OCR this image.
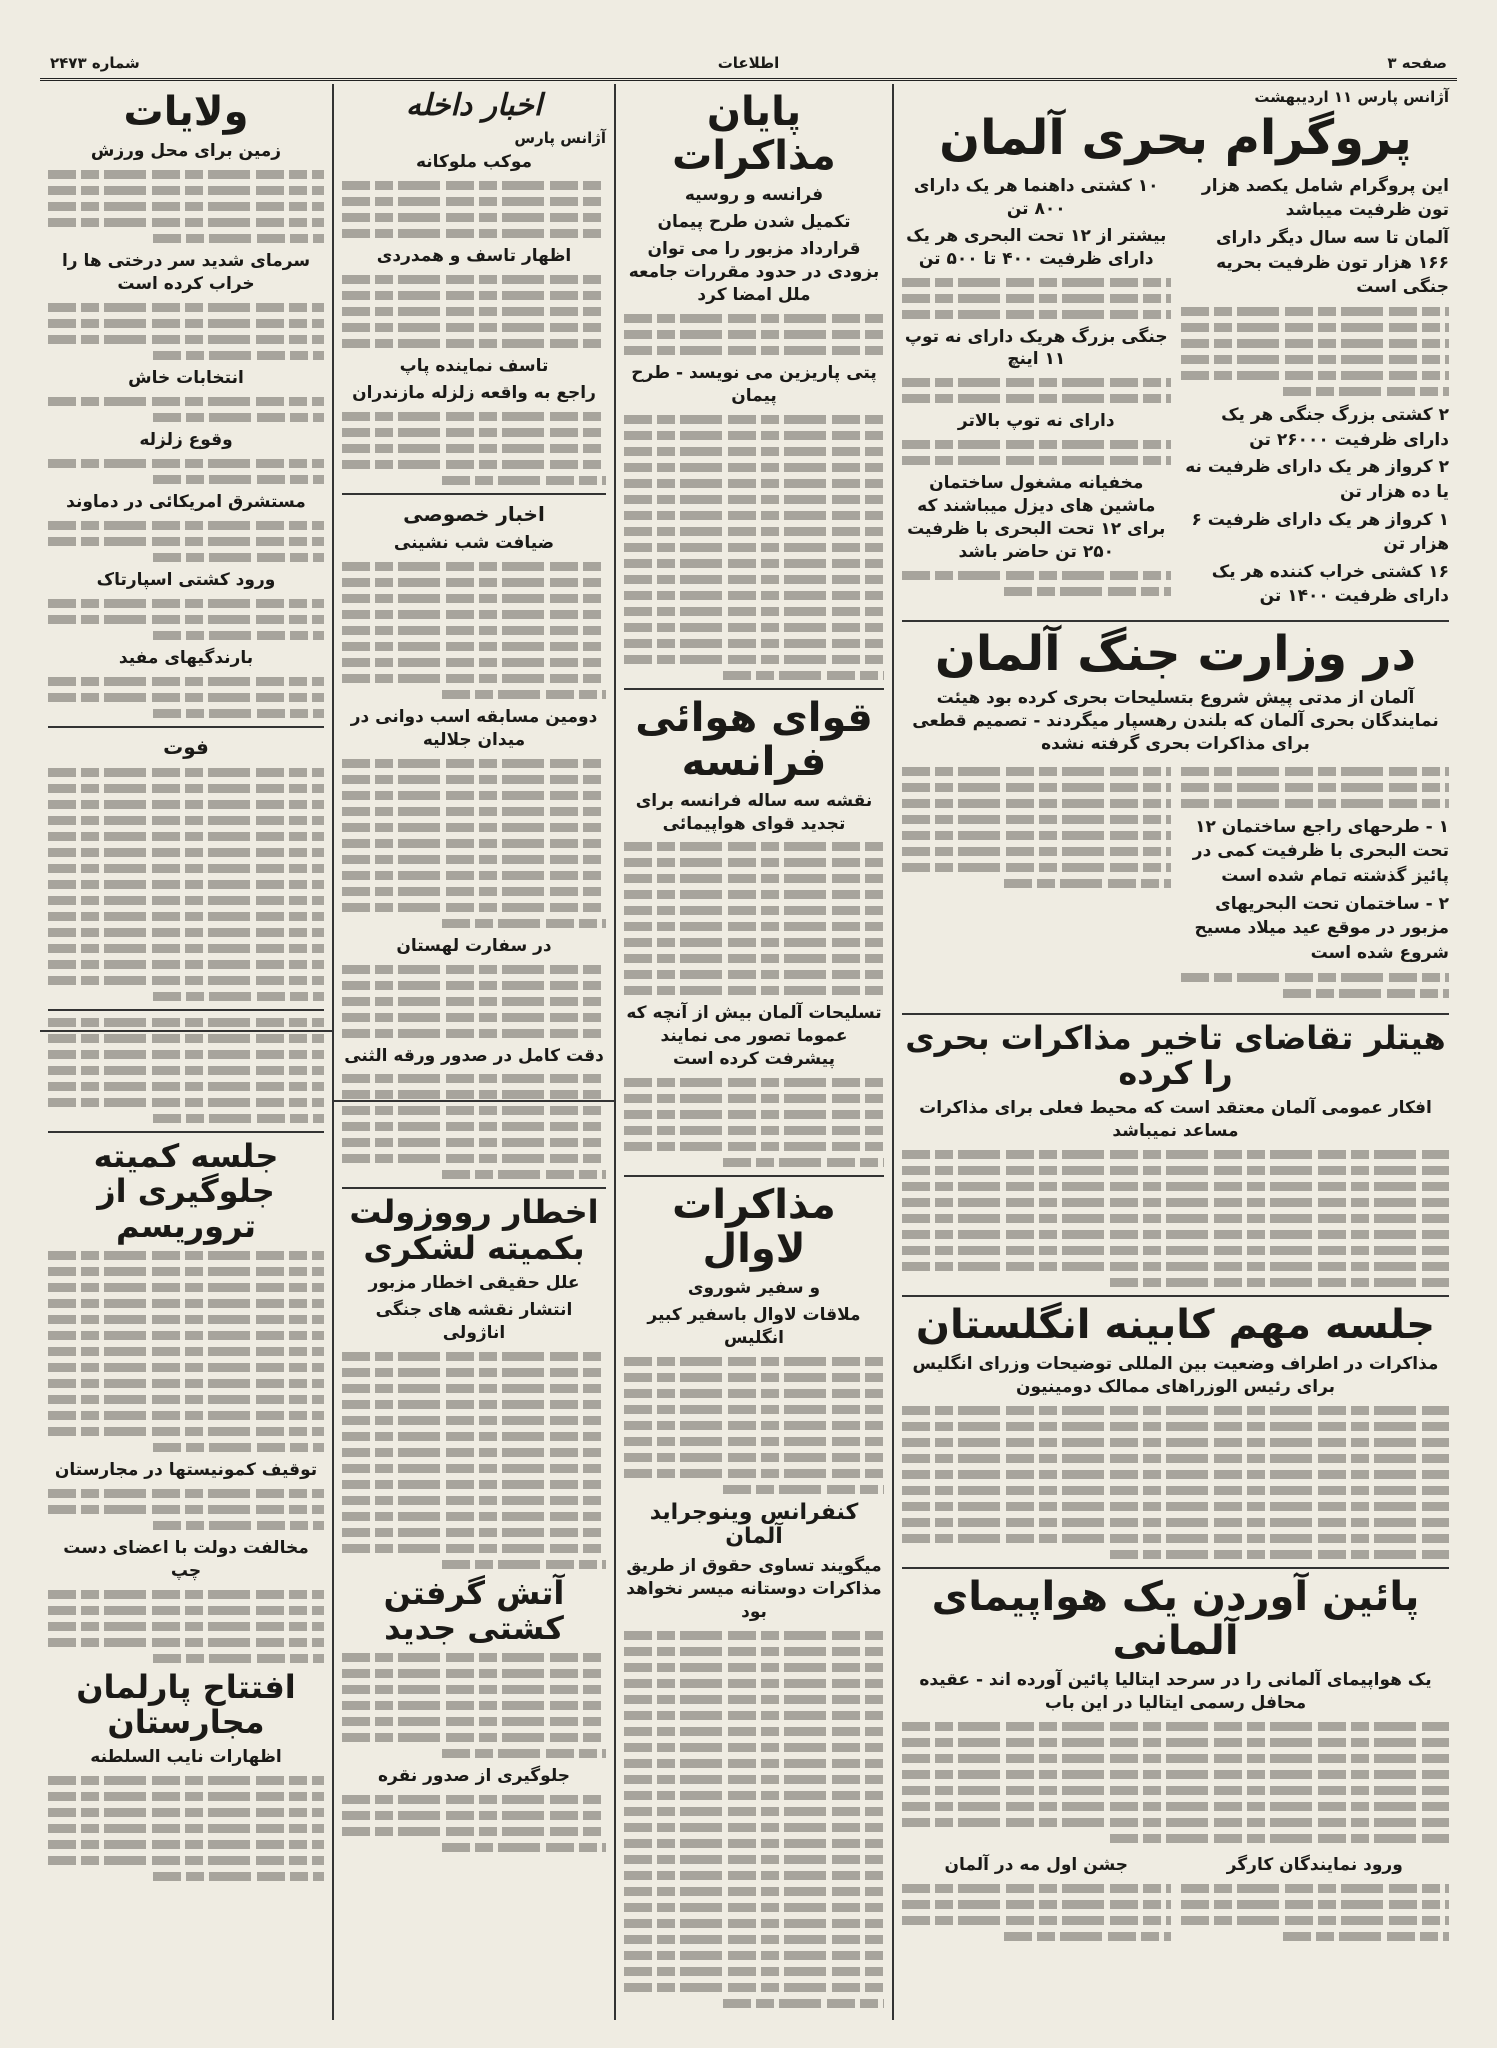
صفحه ۳
اطلاعات
شماره ۲۴۷۳
آژانس پارس ۱۱ اردیبهشت
پروگرام بحری آلمان
این پروگرام شامل یکصد هزار تون ظرفیت میباشد
آلمان تا سه سال دیگر دارای ۱۶۶ هزار تون ظرفیت بحریه جنگی است
۲ کشتی بزرگ جنگی هر یک دارای ظرفیت ۲۶۰۰۰ تن
۲ کرواز هر یک دارای ظرفیت نه یا ده هزار تن
۱ کرواز هر یک دارای ظرفیت ۶ هزار تن
۱۶ کشتی خراب کننده هر یک دارای ظرفیت ۱۴۰۰ تن
۱۰ کشتی داهنما هر یک دارای ۸۰۰ تن
بیشتر از ۱۲ تحت البحری هر یک دارای ظرفیت ۴۰۰ تا ۵۰۰ تن
جنگی بزرگ هریک دارای نه توپ ۱۱ اینچ
دارای نه توپ بالاتر
مخفیانه مشغول ساختمان ماشین های دیزل میباشند که برای ۱۲ تحت البحری با ظرفیت ۲۵۰ تن حاضر باشد
در وزارت جنگ آلمان
آلمان از مدتی پیش شروع بتسلیحات بحری کرده بود هیئت نمایندگان بحری آلمان که بلندن رهسپار میگردند - تصمیم قطعی برای مذاکرات بحری گرفته نشده
۱ - طرحهای راجع ساختمان ۱۲ تحت البحری با ظرفیت کمی در پائیز گذشته تمام شده است
۲ - ساختمان تحت البحریهای مزبور در موقع عید میلاد مسیح شروع شده است
هیتلر تقاضای تاخیر مذاکرات بحری را کرده
افکار عمومی آلمان معتقد است که محیط فعلی برای مذاکرات مساعد نمیباشد
جلسه مهم کابینه انگلستان
مذاکرات در اطراف وضعیت بین المللی توضیحات وزرای انگلیس برای رئیس الوزراهای ممالک دومینیون
پائین آوردن یک هواپیمای آلمانی
یک هواپیمای آلمانی را در سرحد ایتالیا پائین آورده اند - عقیده محافل رسمی ایتالیا در این باب
ورود نمایندگان کارگر
جشن اول مه در آلمان
پایان مذاکرات
فرانسه و روسیه
تکمیل شدن طرح پیمان
قرارداد مزبور را می توان بزودی در حدود مقررات جامعه ملل امضا کرد
پتی پاریزین می نویسد - طرح پیمان
قوای هوائی فرانسه
نقشه سه ساله فرانسه برای تجدید قوای هواپیمائی
تسلیحات آلمان بیش از آنچه که عموما تصور می نمایند پیشرفت کرده است
مذاکرات لاوال
و سفیر شوروی
ملاقات لاوال باسفیر کبیر انگلیس
کنفرانس وینوجراید آلمان
میگویند تساوی حقوق از طریق مذاکرات دوستانه میسر نخواهد بود
اخبار داخله
آژانس پارس
موکب ملوکانه
اظهار تاسف و همدردی
تاسف نماینده پاپ
راجع به واقعه زلزله مازندران
اخبار خصوصی
ضیافت شب نشینی
دومین مسابقه اسب دوانی در میدان جلالیه
در سفارت لهستان
دقت کامل در صدور ورقه الثنی
اخطار رووزولت بکمیته لشکری
علل حقیقی اخطار مزبور
انتشار نقشه های جنگی اناژولی
آتش گرفتن کشتی جدید
جلوگیری از صدور نقره
ولایات
زمین برای محل ورزش
سرمای شدید سر درختی ها را خراب کرده است
انتخابات خاش
وقوع زلزله
مستشرق امریکائی در دماوند
ورود کشتی اسپارتاک
بارندگیهای مفید
فوت
جلسه کمیته جلوگیری از تروریسم
توقیف کمونیستها در مجارستان
مخالفت دولت با اعضای دست چپ
افتتاح پارلمان مجارستان
اظهارات نایب السلطنه
